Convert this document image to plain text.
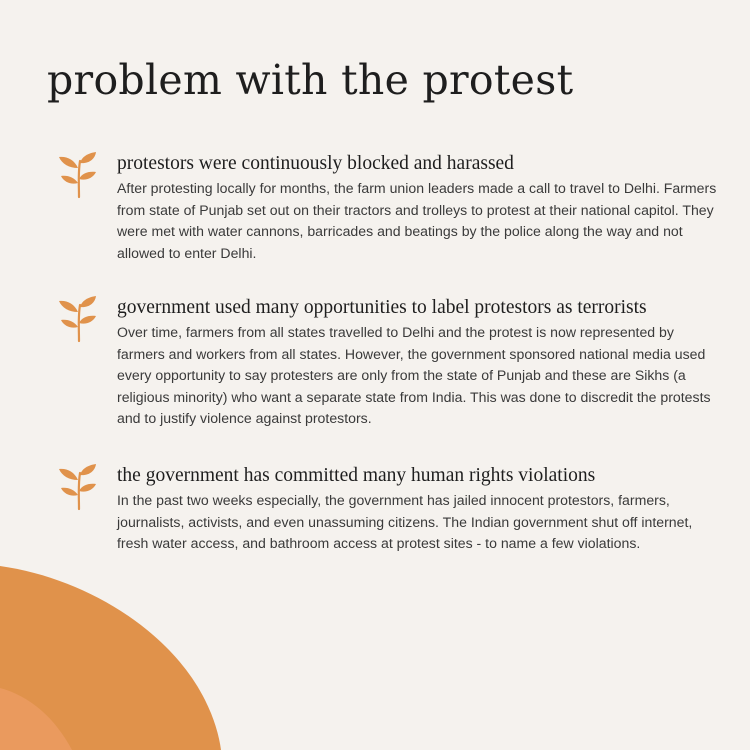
problem with the protest
protestors were continuously blocked and harassed

After protesting locally for months, the farm union leaders made a call to travel to Delhi. Farmers from state of Punjab set out on their tractors and trolleys to protest at their national capitol. They were met with water cannons, barricades and beatings by the police along the way and not allowed to enter Delhi.

government used many opportunities to label protestors as terrorists

Over time, farmers from all states travelled to Delhi and the protest is now represented by farmers and workers from all states. However, the government sponsored national media used every opportunity to say protesters are only from the state of Punjab and these are Sikhs (a religious minority) who want a separate state from India. This was done to discredit the protests and to justify violence against protestors.

the government has committed many human rights violations

In the past two weeks especially, the government has jailed innocent protestors, farmers, journalists, activists, and even unassuming citizens. The Indian government shut off internet, fresh water access, and bathroom access at protest sites - to name a few violations.
